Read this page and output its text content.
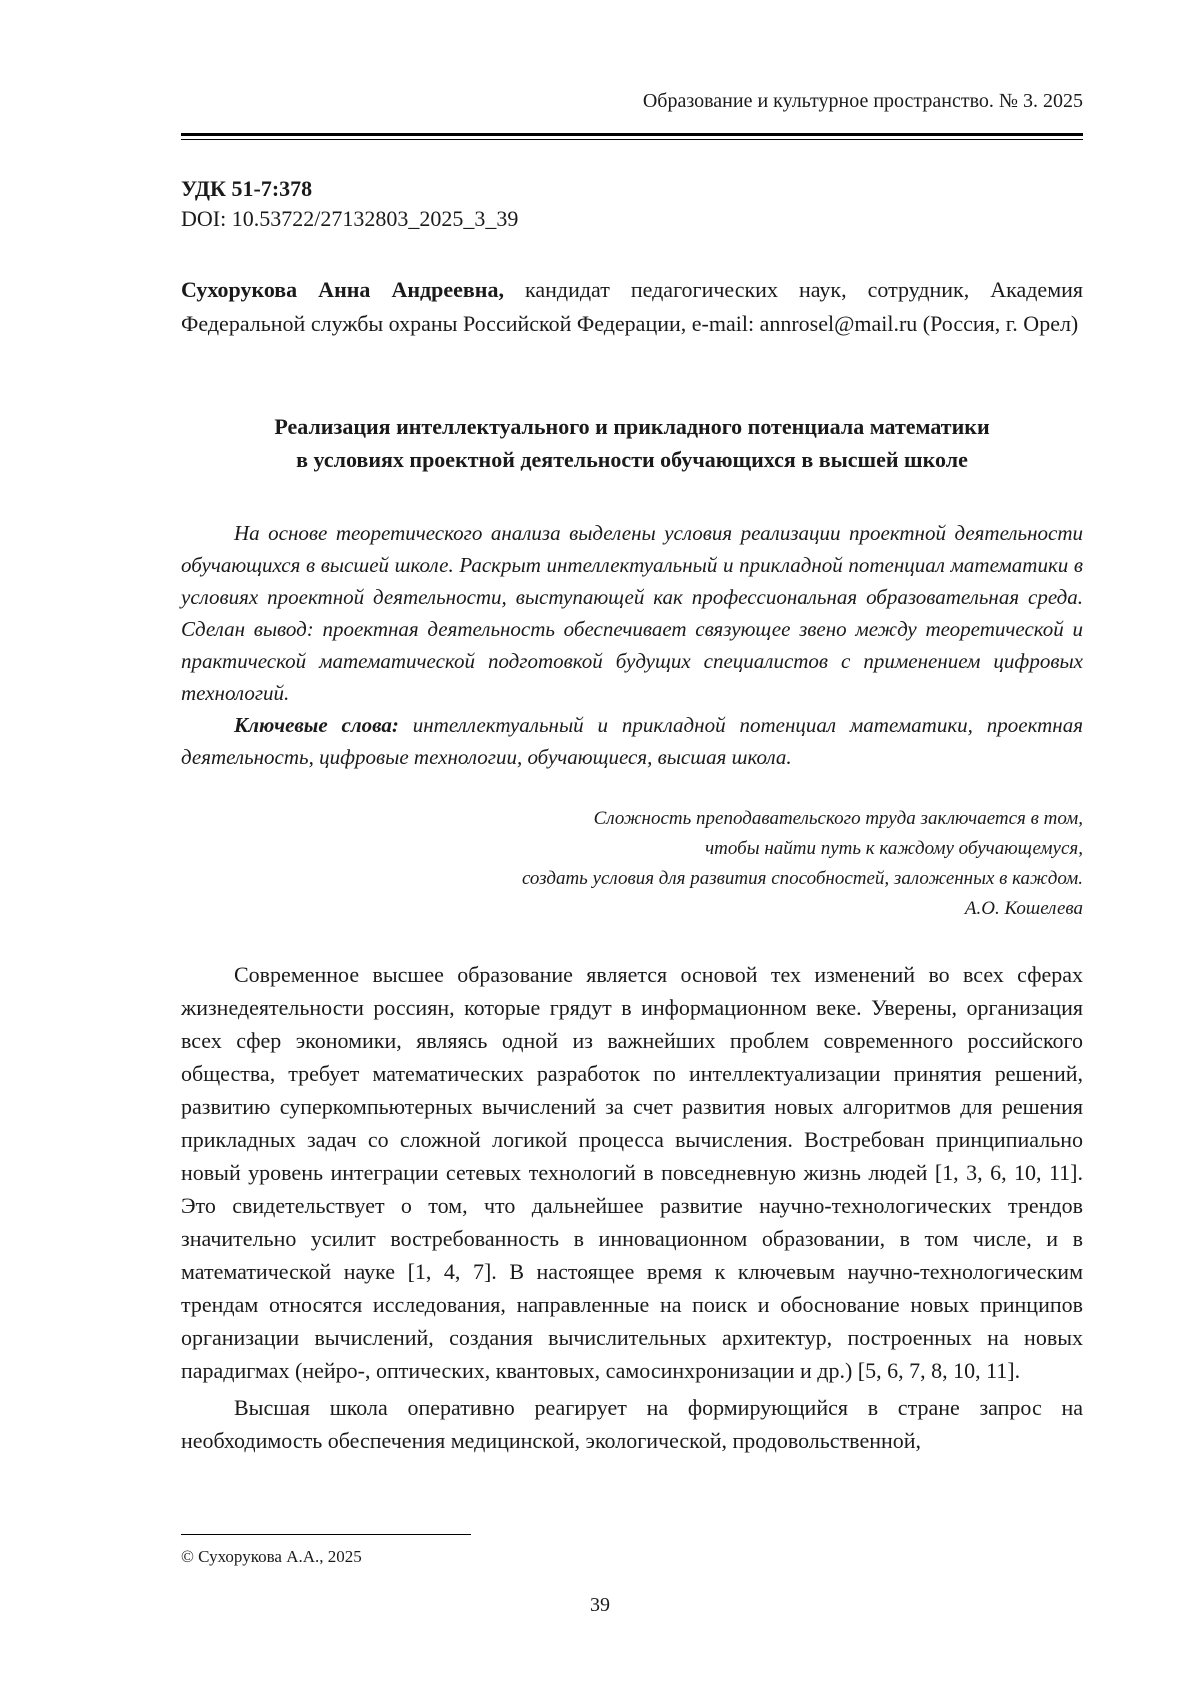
Образование и культурное пространство. № 3. 2025
УДК 51-7:378
DOI: 10.53722/27132803_2025_3_39
Сухорукова Анна Андреевна, кандидат педагогических наук, сотрудник, Академия Федеральной службы охраны Российской Федерации, e-mail: annrosel@mail.ru (Россия, г. Орел)
Реализация интеллектуального и прикладного потенциала математики
в условиях проектной деятельности обучающихся в высшей школе
На основе теоретического анализа выделены условия реализации проектной деятельности обучающихся в высшей школе. Раскрыт интеллектуальный и прикладной потенциал математики в условиях проектной деятельности, выступающей как профессиональная образовательная среда. Сделан вывод: проектная деятельность обеспечивает связующее звено между теоретической и практической математической подготовкой будущих специалистов с применением цифровых технологий.
Ключевые слова: интеллектуальный и прикладной потенциал математики, проектная деятельность, цифровые технологии, обучающиеся, высшая школа.
Сложность преподавательского труда заключается в том,
чтобы найти путь к каждому обучающемуся,
создать условия для развития способностей, заложенных в каждом.
А.О. Кошелева

Современное высшее образование является основой тех изменений во всех сферах жизнедеятельности россиян, которые грядут в информационном веке. Уверены, организация всех сфер экономики, являясь одной из важнейших проблем современного российского общества, требует математических разработок по интеллектуализации принятия решений, развитию суперкомпьютерных вычислений за счет развития новых алгоритмов для решения прикладных задач со сложной логикой процесса вычисления. Востребован принципиально новый уровень интеграции сетевых технологий в повседневную жизнь людей [1, 3, 6, 10, 11]. Это свидетельствует о том, что дальнейшее развитие научно-технологических трендов значительно усилит востребованность в инновационном образовании, в том числе, и в математической науке [1, 4, 7]. В настоящее время к ключевым научно-технологическим трендам относятся исследования, направленные на поиск и обоснование новых принципов организации вычислений, создания вычислительных архитектур, построенных на новых парадигмах (нейро-, оптических, квантовых, самосинхронизации и др.) [5, 6, 7, 8, 10, 11].

Высшая школа оперативно реагирует на формирующийся в стране запрос на необходимость обеспечения медицинской, экологической, продовольственной,

© Сухорукова А.А., 2025
39
